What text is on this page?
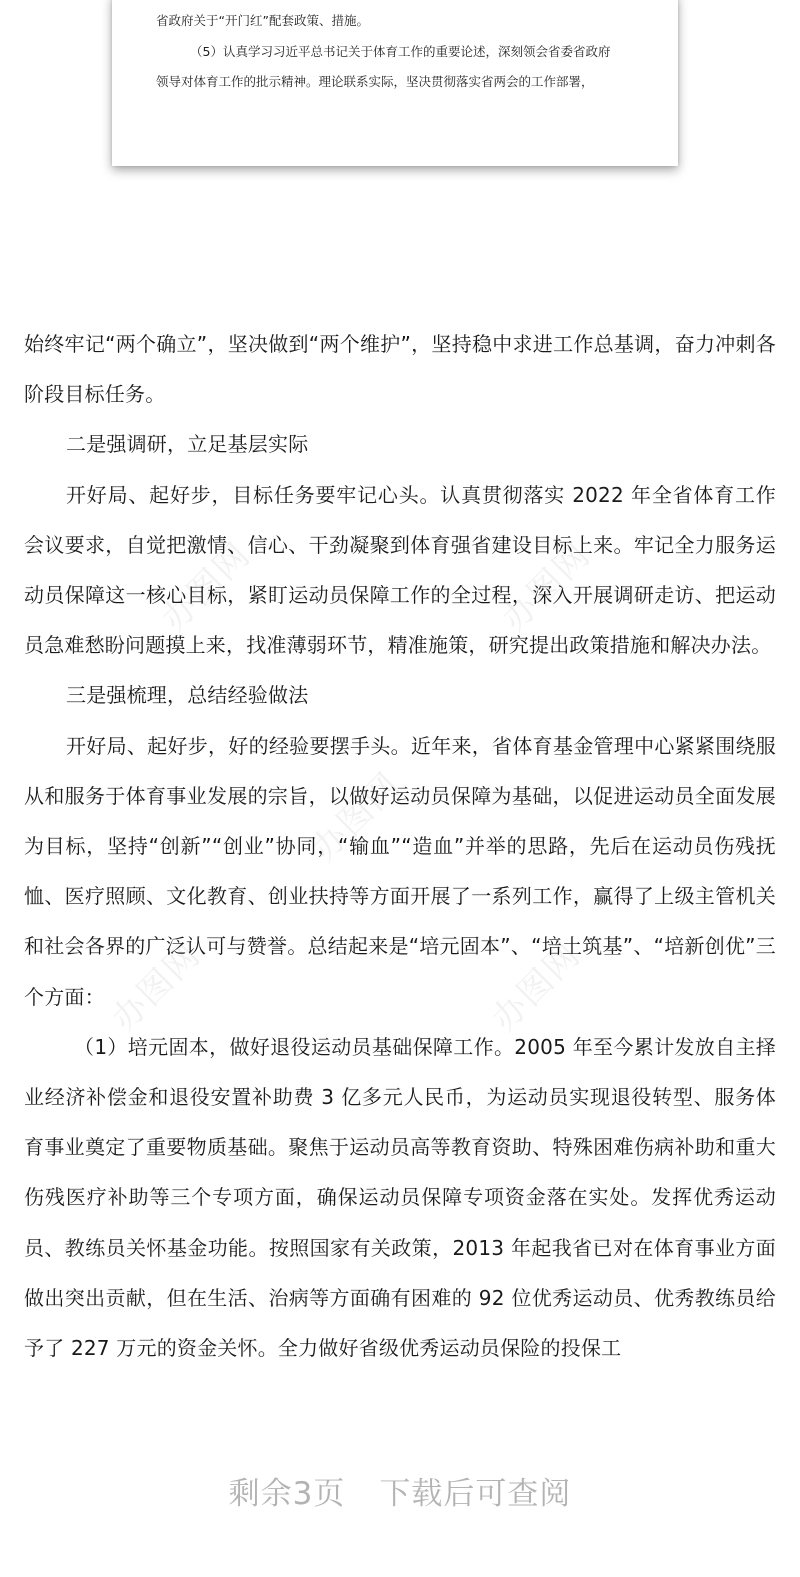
省政府关于“开门红”配套政策、措施。
（5）认真学习习近平总书记关于体育工作的重要论述，深刻领会省委省政府
领导对体育工作的批示精神。理论联系实际，坚决贯彻落实省两会的工作部署，
办图网	办图网
办图网
办图网	办图网

始终牢记“两个确立”，坚决做到“两个维护”，坚持稳中求进工作总基调，奋力冲刺各阶段目标任务。

二是强调研，立足基层实际

开好局、起好步，目标任务要牢记心头。认真贯彻落实 2022 年全省体育工作会议要求，自觉把激情、信心、干劲凝聚到体育强省建设目标上来。牢记全力服务运动员保障这一核心目标，紧盯运动员保障工作的全过程，深入开展调研走访、把运动员急难愁盼问题摸上来，找准薄弱环节，精准施策，研究提出政策措施和解决办法。

三是强梳理，总结经验做法

开好局、起好步，好的经验要摆手头。近年来，省体育基金管理中心紧紧围绕服从和服务于体育事业发展的宗旨，以做好运动员保障为基础，以促进运动员全面发展为目标，坚持“创新”“创业”协同，“输血”“造血”并举的思路，先后在运动员伤残抚恤、医疗照顾、文化教育、创业扶持等方面开展了一系列工作，赢得了上级主管机关和社会各界的广泛认可与赞誉。总结起来是“培元固本”、“培土筑基”、“培新创优”三个方面：

（1）培元固本，做好退役运动员基础保障工作。2005 年至今累计发放自主择业经济补偿金和退役安置补助费 3 亿多元人民币，为运动员实现退役转型、服务体育事业奠定了重要物质基础。聚焦于运动员高等教育资助、特殊困难伤病补助和重大伤残医疗补助等三个专项方面，确保运动员保障专项资金落在实处。发挥优秀运动员、教练员关怀基金功能。按照国家有关政策，2013 年起我省已对在体育事业方面做出突出贡献，但在生活、治病等方面确有困难的 92 位优秀运动员、优秀教练员给予了 227 万元的资金关怀。全力做好省级优秀运动员保险的投保工

剩余3页 下载后可查阅
